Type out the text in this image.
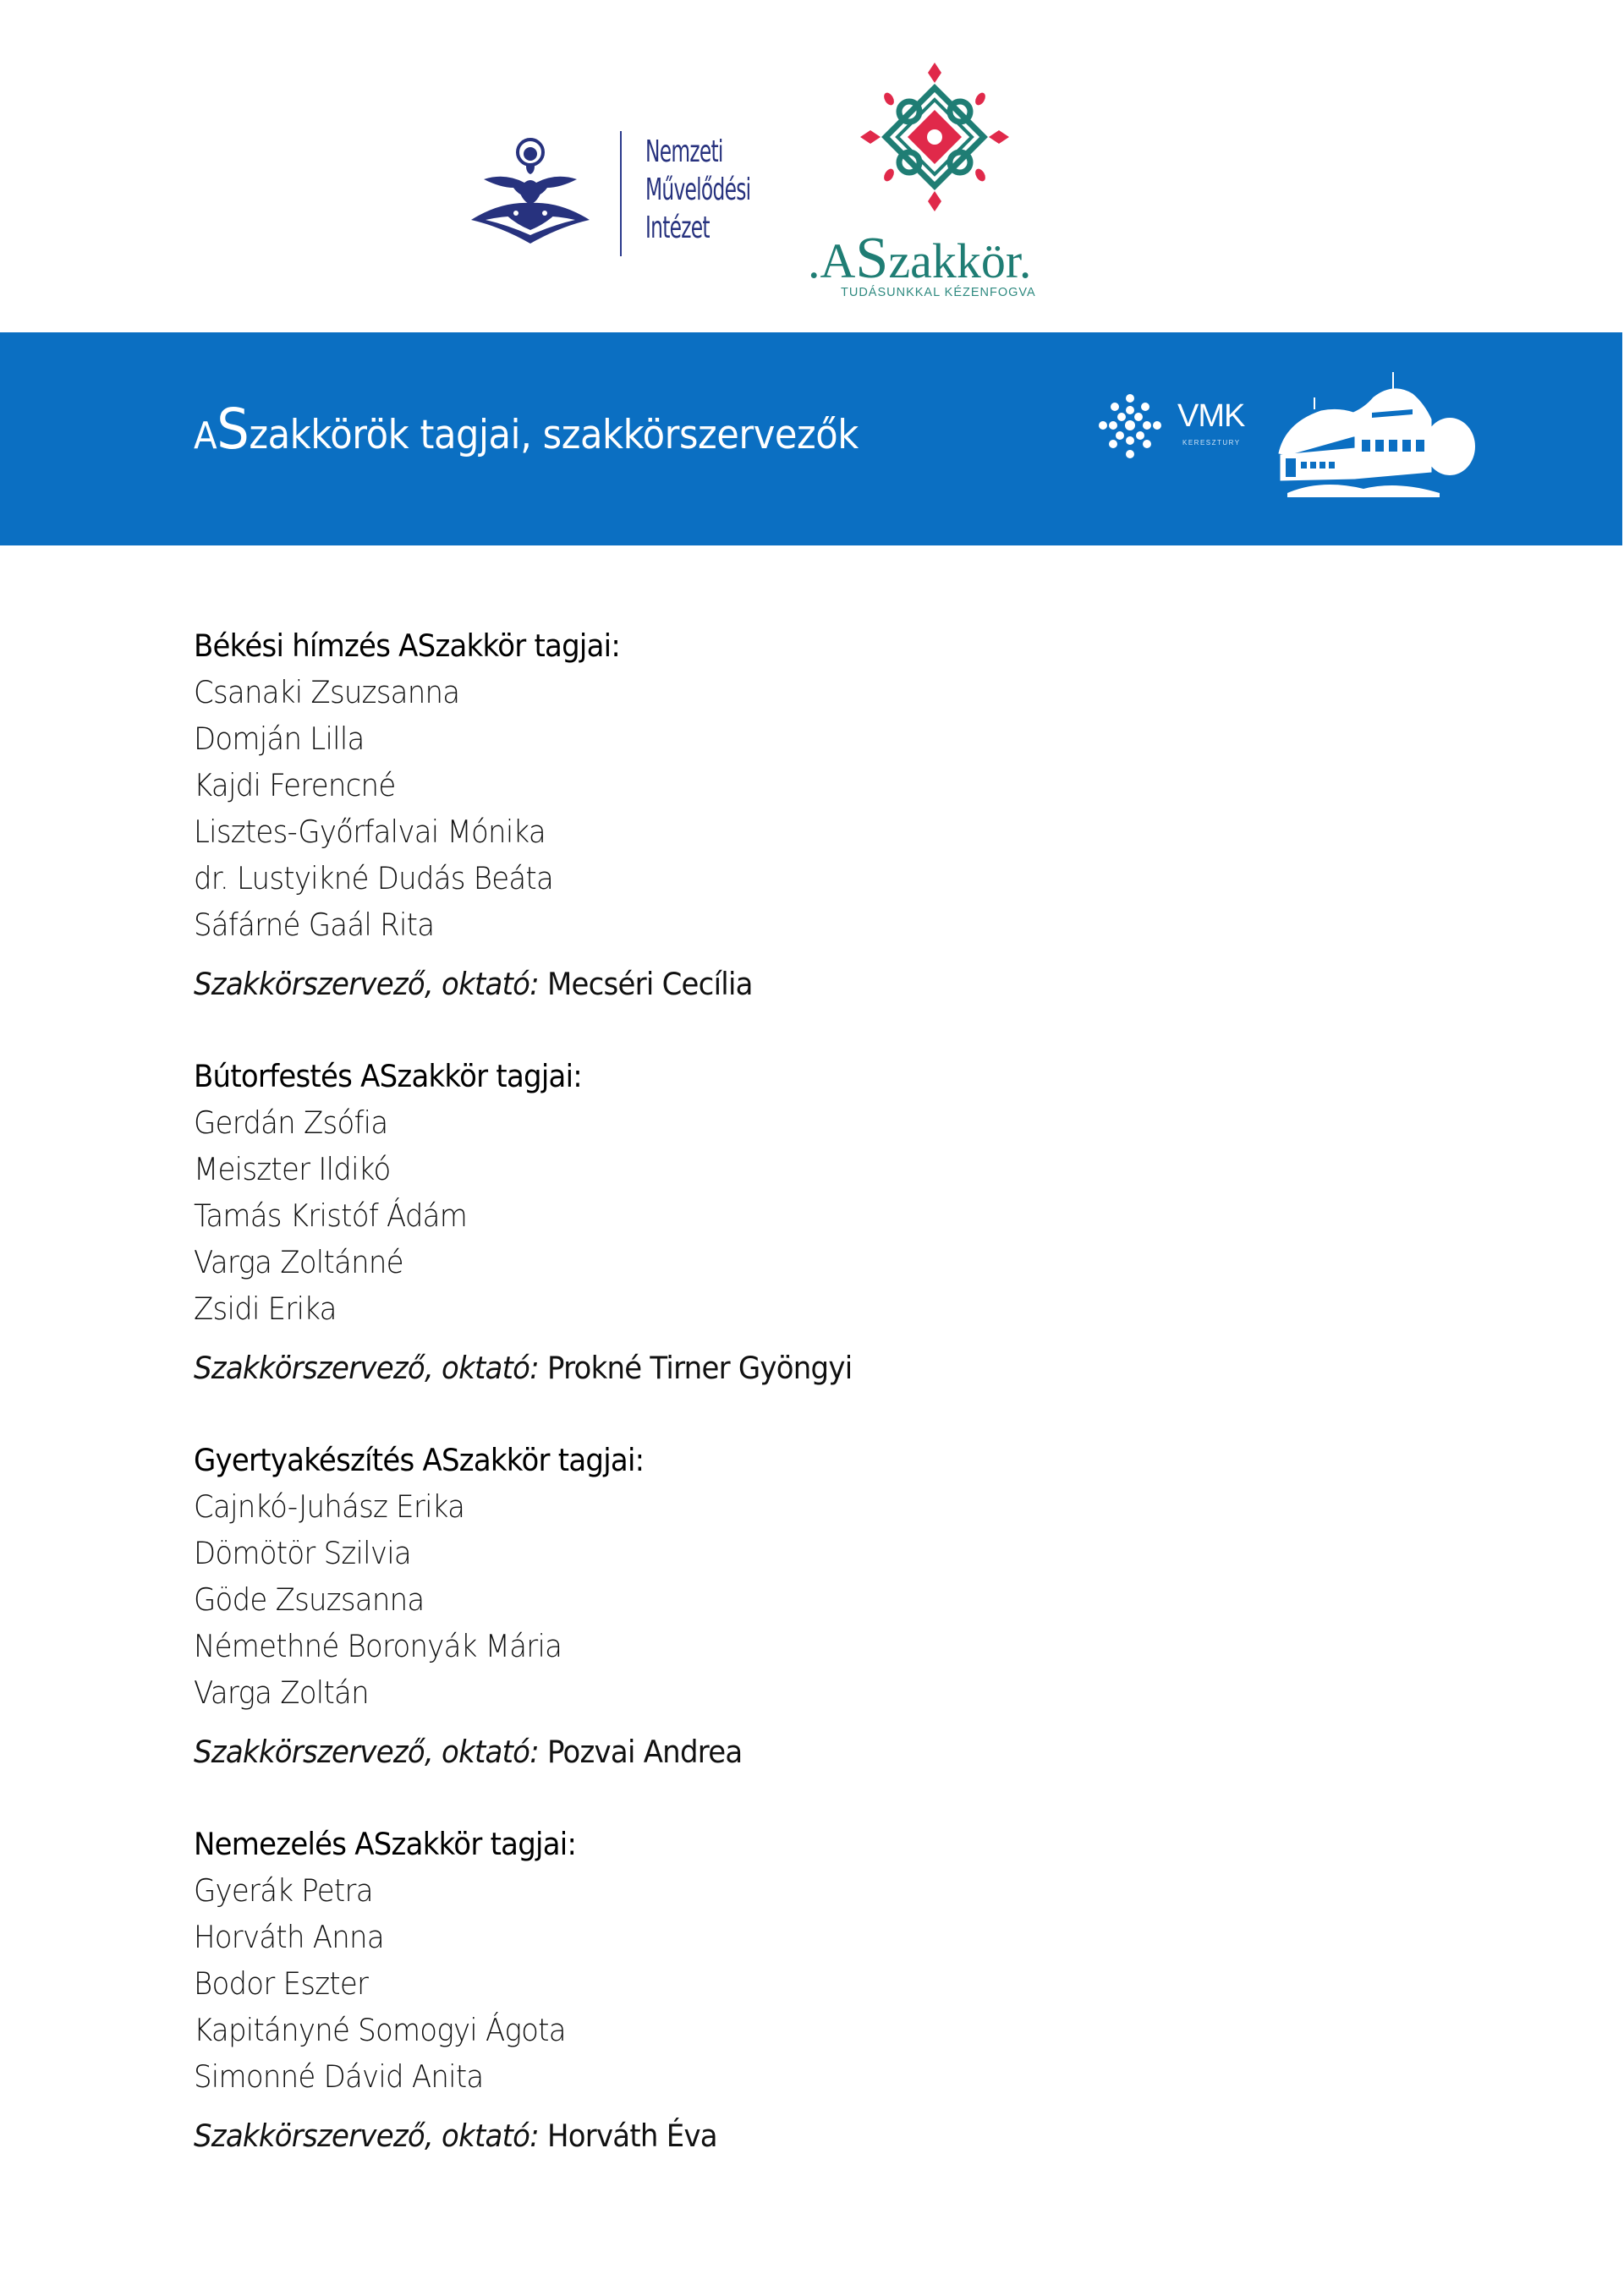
Nemzeti
Művelődési
Intézet
.ASzakkör.
TUDÁSUNKKAL KÉZENFOGVA
ASzakkörök tagjai, szakkörszervezők	VMK
KERESZTURY
Békési hímzés ASzakkör tagjai:
Csanaki Zsuzsanna
Domján Lilla
Kajdi Ferencné
Lisztes-Győrfalvai Mónika
dr. Lustyikné Dudás Beáta
Sáfárné Gaál Rita
Szakkörszervező, oktató: Mecséri Cecília
Bútorfestés ASzakkör tagjai:
Gerdán Zsófia
Meiszter Ildikó
Tamás Kristóf Ádám
Varga Zoltánné
Zsidi Erika
Szakkörszervező, oktató: Prokné Tirner Gyöngyi
Gyertyakészítés ASzakkör tagjai:
Cajnkó-Juhász Erika
Dömötör Szilvia
Göde Zsuzsanna
Némethné Boronyák Mária
Varga Zoltán
Szakkörszervező, oktató: Pozvai Andrea
Nemezelés ASzakkör tagjai:
Gyerák Petra
Horváth Anna
Bodor Eszter
Kapitányné Somogyi Ágota
Simonné Dávid Anita
Szakkörszervező, oktató: Horváth Éva
